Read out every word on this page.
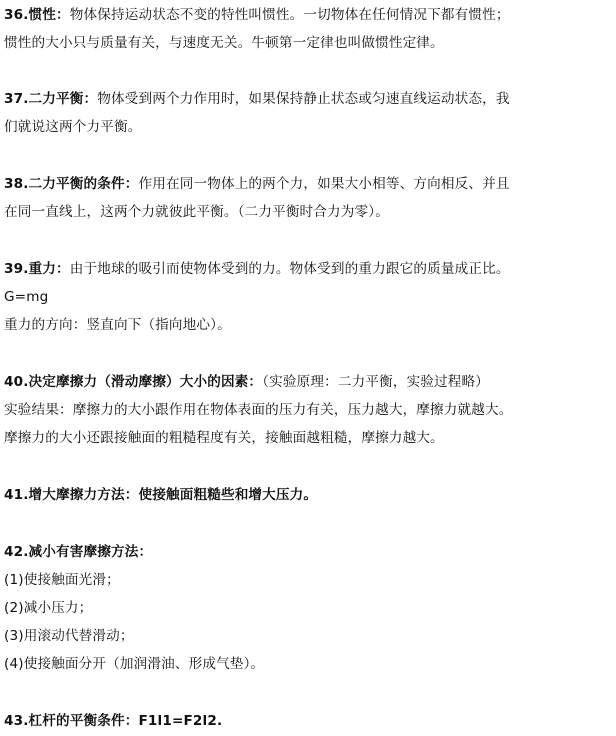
36.惯性：物体保持运动状态不变的特性叫惯性。一切物体在任何情况下都有惯性；
惯性的大小只与质量有关，与速度无关。牛顿第一定律也叫做惯性定律。
37.二力平衡：物体受到两个力作用时，如果保持静止状态或匀速直线运动状态，我
们就说这两个力平衡。
38.二力平衡的条件：作用在同一物体上的两个力，如果大小相等、方向相反、并且
在同一直线上，这两个力就彼此平衡。（二力平衡时合力为零）。
39.重力：由于地球的吸引而使物体受到的力。物体受到的重力跟它的质量成正比。
G=mg
重力的方向：竖直向下（指向地心）。
40.决定摩擦力（滑动摩擦）大小的因素：（实验原理：二力平衡，实验过程略）
实验结果：摩擦力的大小跟作用在物体表面的压力有关，压力越大，摩擦力就越大。
摩擦力的大小还跟接触面的粗糙程度有关，接触面越粗糙，摩擦力越大。
41.增大摩擦力方法：使接触面粗糙些和增大压力。
42.减小有害摩擦方法：
(1)使接触面光滑；
(2)减小压力；
(3)用滚动代替滑动；
(4)使接触面分开（加润滑油、形成气垫）。
43.杠杆的平衡条件：F1l1=F2l2.
